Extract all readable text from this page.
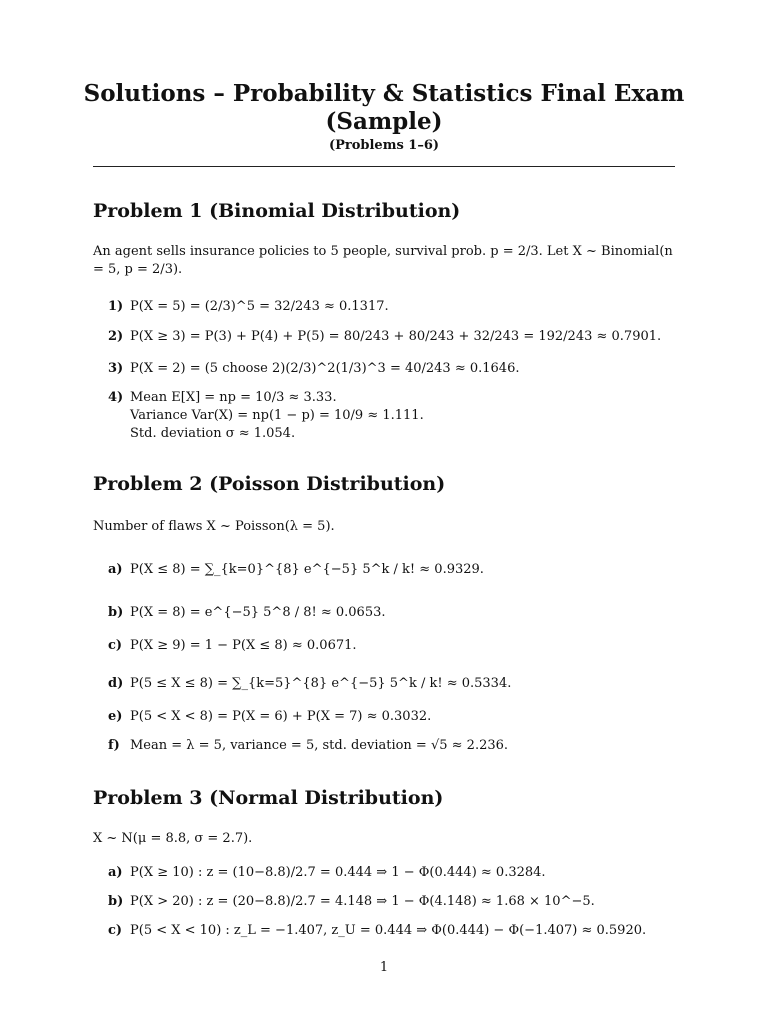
Solutions – Probability & Statistics Final Exam (Sample)
(Problems 1–6)
Problem 1 (Binomial Distribution)
An agent sells insurance policies to 5 people, survival prob. p = 2/3. Let X ~ Binomial(n = 5, p = 2/3).
1) P(X = 5) = (2/3)^5 = 32/243 ≈ 0.1317.
2) P(X ≥ 3) = P(3) + P(4) + P(5) = 80/243 + 80/243 + 32/243 = 192/243 ≈ 0.7901.
3) P(X = 2) = (5 choose 2)(2/3)^2(1/3)^3 = 40/243 ≈ 0.1646.
4) Mean E[X] = np = 10/3 ≈ 3.33.
Variance Var(X) = np(1 − p) = 10/9 ≈ 1.111.
Std. deviation σ ≈ 1.054.
Problem 2 (Poisson Distribution)
Number of flaws X ~ Poisson(λ = 5).
a) P(X ≤ 8) = ∑_{k=0}^{8} e^{−5} 5^k / k! ≈ 0.9329.
b) P(X = 8) = e^{−5} 5^8 / 8! ≈ 0.0653.
c) P(X ≥ 9) = 1 − P(X ≤ 8) ≈ 0.0671.
d) P(5 ≤ X ≤ 8) = ∑_{k=5}^{8} e^{−5} 5^k / k! ≈ 0.5334.
e) P(5 < X < 8) = P(X = 6) + P(X = 7) ≈ 0.3032.
f) Mean = λ = 5, variance = 5, std. deviation = √5 ≈ 2.236.
Problem 3 (Normal Distribution)
X ~ N(μ = 8.8, σ = 2.7).
a) P(X ≥ 10) : z = (10−8.8)/2.7 = 0.444 ⇒ 1 − Φ(0.444) ≈ 0.3284.
b) P(X > 20) : z = (20−8.8)/2.7 = 4.148 ⇒ 1 − Φ(4.148) ≈ 1.68 × 10^−5.
c) P(5 < X < 10) : z_L = −1.407, z_U = 0.444 ⇒ Φ(0.444) − Φ(−1.407) ≈ 0.5920.
1
